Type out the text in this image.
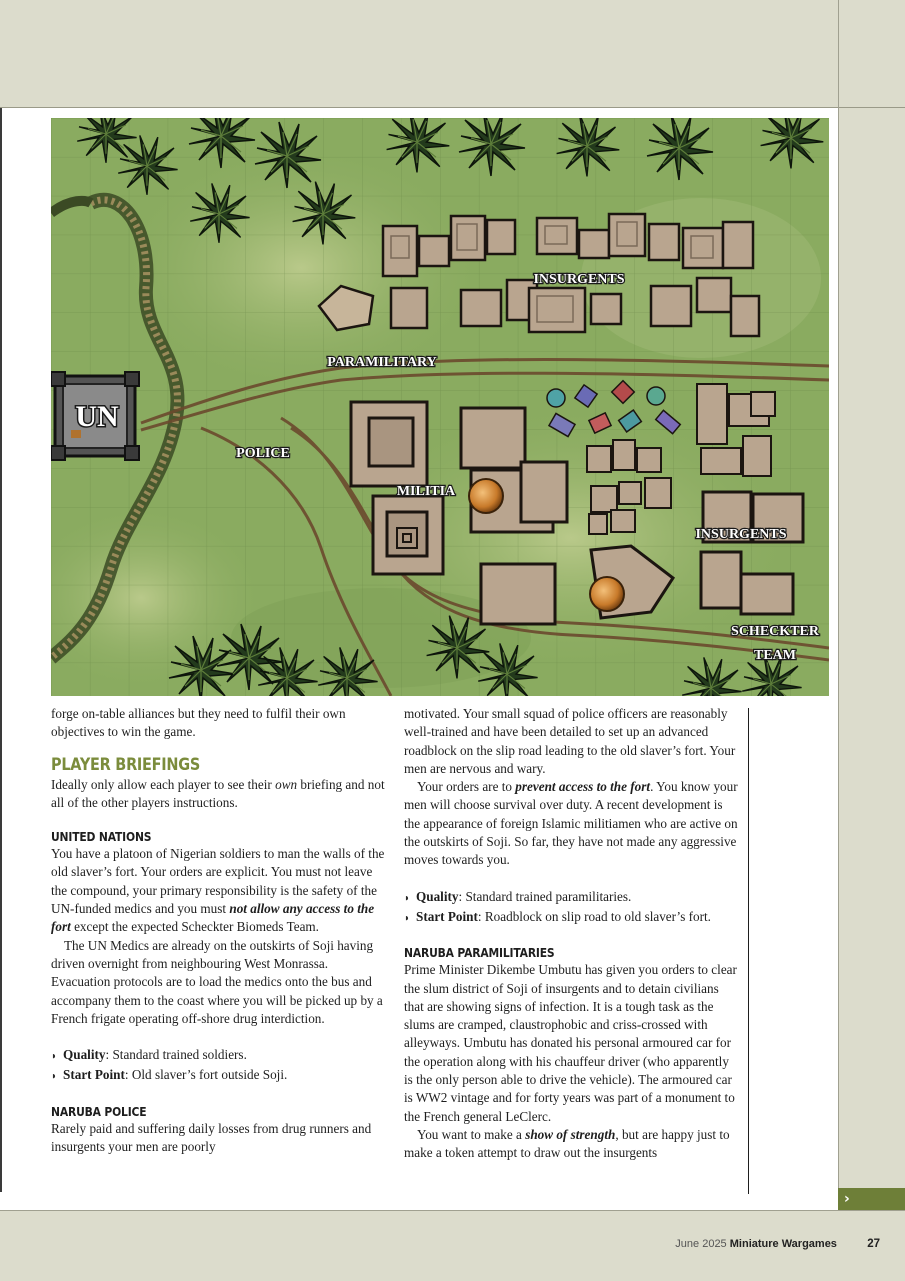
UN
POLICE
PARAMILITARY
INSURGENTS
MILITIA
INSURGENTS
SCHECKTER
TEAM

forge on-table alliances but they need to fulfil their own objectives to win the game.

PLAYER BRIEFINGS

Ideally only allow each player to see their own briefing and not all of the other players instructions.

UNITED NATIONS

You have a platoon of Nigerian soldiers to man the walls of the old slaver’s fort. Your orders are explicit. You must not leave the compound, your primary responsibility is the safety of the UN-funded medics and you must not allow any access to the fort except the expected Scheckter Biomeds Team.

The UN Medics are already on the outskirts of Soji having driven overnight from neighbouring West Monrassa. Evacuation protocols are to load the medics onto the bus and accompany them to the coast where you will be picked up by a French frigate operating off-shore drug interdiction.

◗ Quality: Standard trained soldiers.
◗ Start Point: Old slaver’s fort outside Soji.
NARUBA POLICE

Rarely paid and suffering daily losses from drug runners and insurgents your men are poorly

motivated. Your small squad of police officers are reasonably well-trained and have been detailed to set up an advanced roadblock on the slip road leading to the old slaver’s fort. Your men are nervous and wary.

Your orders are to prevent access to the fort. You know your men will choose survival over duty. A recent development is the appearance of foreign Islamic militiamen who are active on the outskirts of Soji. So far, they have not made any aggressive moves towards you.

◗ Quality: Standard trained paramilitaries.
◗ Start Point: Roadblock on slip road to old slaver’s fort.
NARUBA PARAMILITARIES

Prime Minister Dikembe Umbutu has given you orders to clear the slum district of Soji of insurgents and to detain civilians that are showing signs of infection. It is a tough task as the slums are cramped, claustrophobic and criss-crossed with alleyways. Umbutu has donated his personal armoured car for the operation along with his chauffeur driver (who apparently is the only person able to drive the vehicle). The armoured car is WW2 vintage and for forty years was part of a monument to the French general LeClerc.

You want to make a show of strength, but are happy just to make a token attempt to draw out the insurgents

›
June 2025 Miniature Wargames	27
